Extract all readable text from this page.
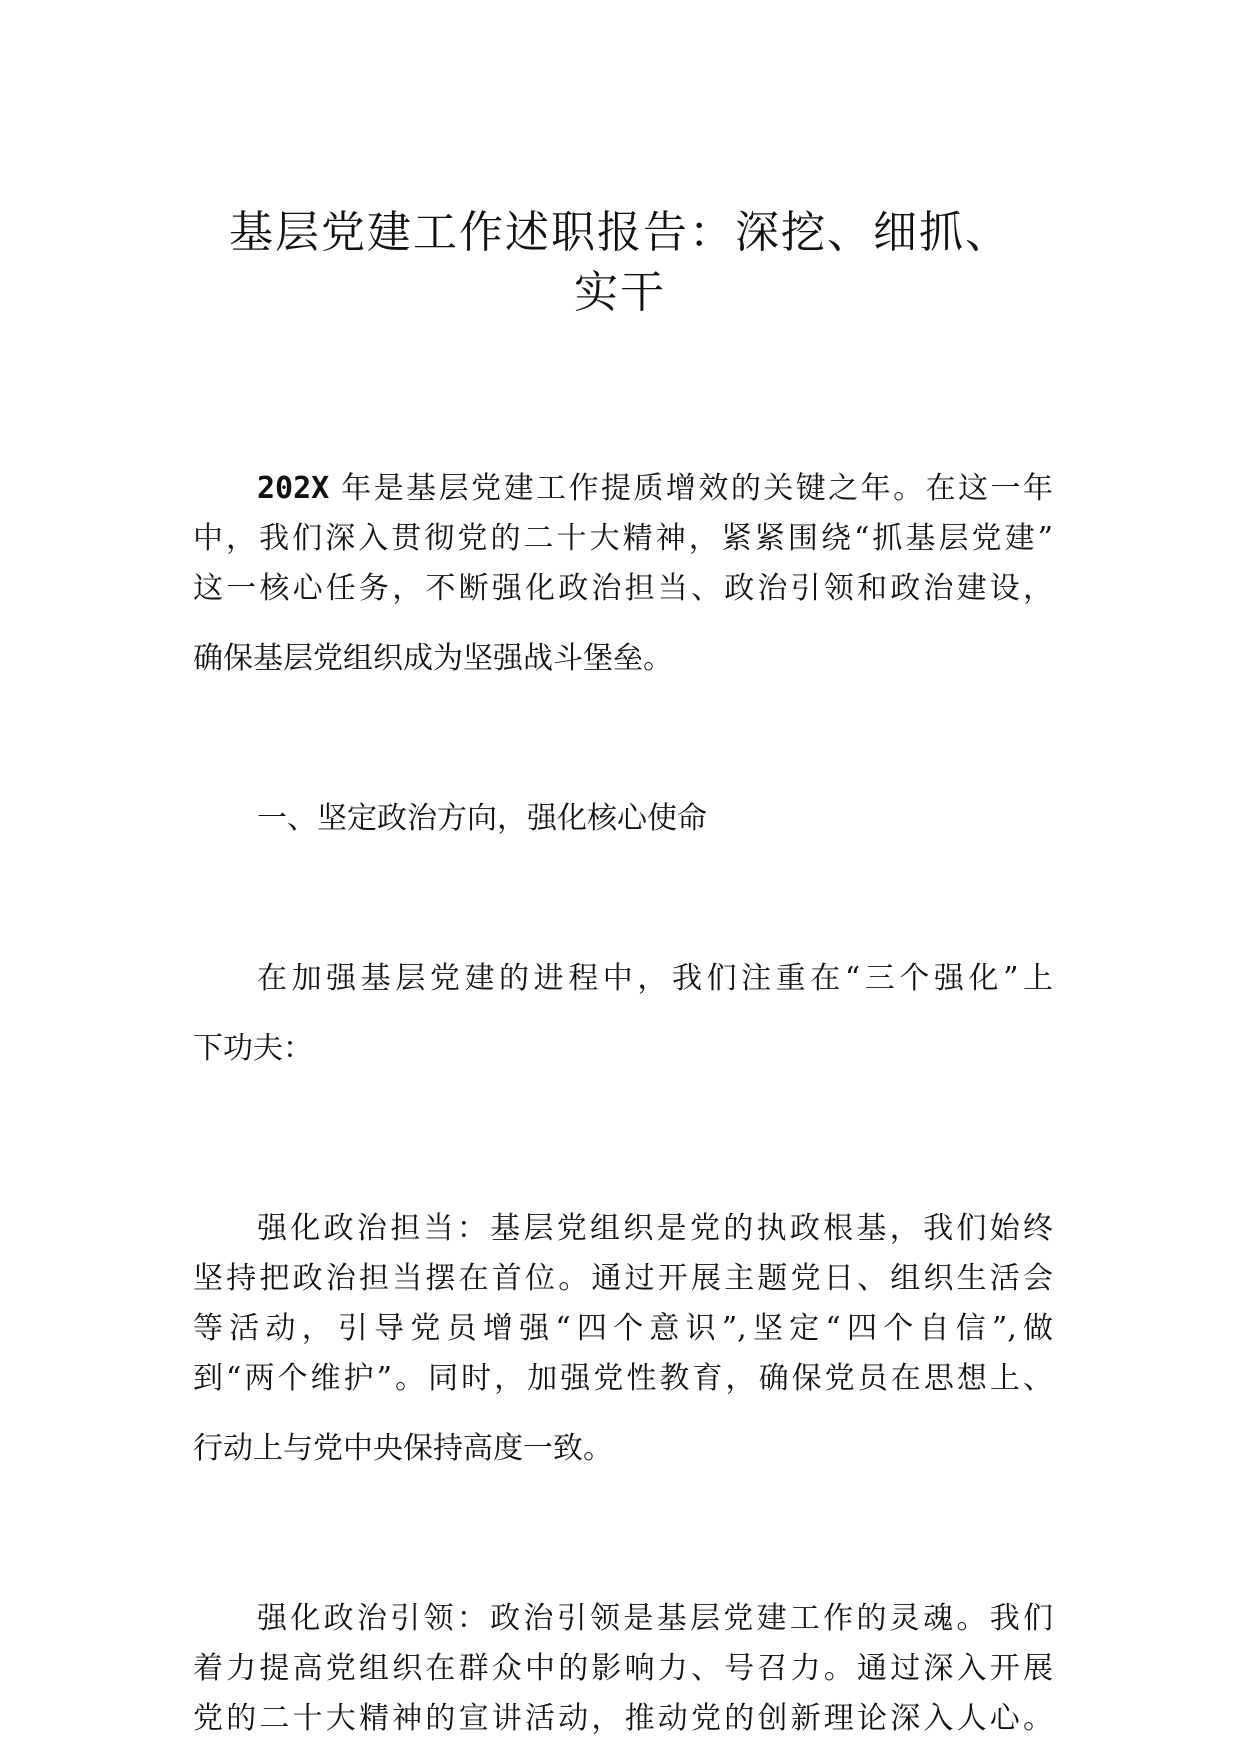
基层党建工作述职报告：深挖、细抓、
实干

202X 年是基层党建工作提质增效的关键之年。在这一年

中，我们深入贯彻党的二十大精神，紧紧围绕“抓基层党建”

这一核心任务，不断强化政治担当、政治引领和政治建设，

确保基层党组织成为坚强战斗堡垒。

一、坚定政治方向，强化核心使命

在加强基层党建的进程中，我们注重在“三个强化”上

下功夫：

强化政治担当：基层党组织是党的执政根基，我们始终

坚持把政治担当摆在首位。通过开展主题党日、组织生活会

等活动，引导党员增强“四个意识”,坚定“四个自信”,做

到“两个维护”。同时，加强党性教育，确保党员在思想上、

行动上与党中央保持高度一致。

强化政治引领：政治引领是基层党建工作的灵魂。我们

着力提高党组织在群众中的影响力、号召力。通过深入开展

党的二十大精神的宣讲活动，推动党的创新理论深入人心。
